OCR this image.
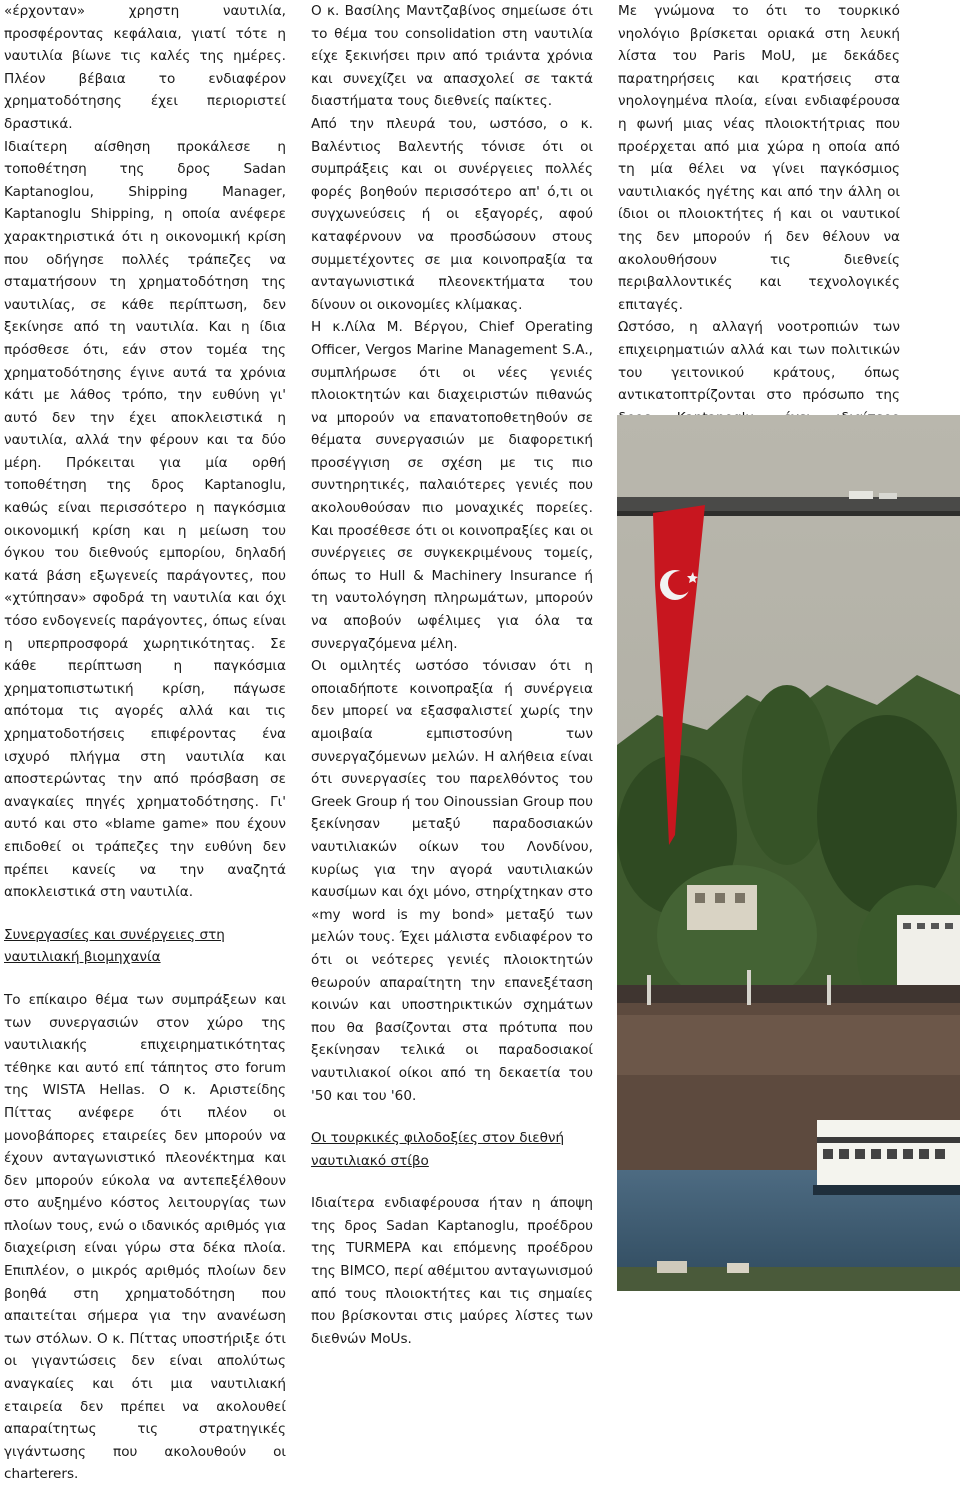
«έρχονταν» χρηστη ναυτιλία, προσφέροντας κεφάλαια, γιατί τότε η ναυτιλία βίωνε τις καλές της ημέρες. Πλέον βέβαια το ενδιαφέρον χρηματοδότησης έχει περιοριστεί δραστικά.

Ιδιαίτερη αίσθηση προκάλεσε η τοποθέτηση της δρος Sadan Kaptanoglou, Shipping Manager, Kaptanoglu Shipping, η οποία ανέφερε χαρακτηριστικά ότι η οικονομική κρίση που οδήγησε πολλές τράπεζες να σταματήσουν τη χρηματοδότηση της ναυτιλίας, σε κάθε περίπτωση, δεν ξεκίνησε από τη ναυτιλία. Και η ίδια πρόσθεσε ότι, εάν στον τομέα της χρηματοδότησης έγινε αυτά τα χρόνια κάτι με λάθος τρόπο, την ευθύνη γι' αυτό δεν την έχει αποκλειστικά η ναυτιλία, αλλά την φέρουν και τα δύο μέρη. Πρόκειται για μία ορθή τοποθέτηση της δρος Kaptanoglu, καθώς είναι περισσότερο η παγκόσμια οικονομική κρίση και η μείωση του όγκου του διεθνούς εμπορίου, δηλαδή κατά βάση εξωγενείς παράγοντες, που «χτύπησαν» σφοδρά τη ναυτιλία και όχι τόσο ενδογενείς παράγοντες, όπως είναι η υπερπροσφορά χωρητικότητας. Σε κάθε περίπτωση η παγκόσμια χρηματοπιστωτική κρίση, πάγωσε απότομα τις αγορές αλλά και τις χρηματοδοτήσεις επιφέροντας ένα ισχυρό πλήγμα στη ναυτιλία και αποστερώντας την από πρόσβαση σε αναγκαίες πηγές χρηματοδότησης. Γι' αυτό και στο «blame game» που έχουν επιδοθεί οι τράπεζες την ευθύνη δεν πρέπει κανείς να την αναζητά αποκλειστικά στη ναυτιλία.

Συνεργασίες και συνέργειες στη ναυτιλιακή βιομηχανία

Το επίκαιρο θέμα των συμπράξεων και των συνεργασιών στον χώρο της ναυτιλιακής επιχειρηματικότητας τέθηκε και αυτό επί τάπητος στο forum της WISTA Hellas. Ο κ. Αριστείδης Πίττας ανέφερε ότι πλέον οι μονοβάπορες εταιρείες δεν μπορούν να έχουν ανταγωνιστικό πλεονέκτημα και δεν μπορούν εύκολα να αντεπεξέλθουν στο αυξημένο κόστος λειτουργίας των πλοίων τους, ενώ ο ιδανικός αριθμός για διαχείριση είναι γύρω στα δέκα πλοία. Επιπλέον, ο μικρός αριθμός πλοίων δεν βοηθά στη χρηματοδότηση που απαιτείται σήμερα για την ανανέωση των στόλων. Ο κ. Πίττας υποστήριξε ότι οι γιγαντώσεις δεν είναι απολύτως αναγκαίες και ότι μια ναυτιλιακή εταιρεία δεν πρέπει να ακολουθεί απαραίτητως τις στρατηγικές γιγάντωσης που ακολουθούν οι charterers.

Ο κ. Βασίλης Μαντζαβίνος σημείωσε ότι το θέμα του consolidation στη ναυτιλία είχε ξεκινήσει πριν από τριάντα χρόνια και συνεχίζει να απασχολεί σε τακτά διαστήματα τους διεθνείς παίκτες.

Από την πλευρά του, ωστόσο, ο κ. Βαλέντιος Βαλεντής τόνισε ότι οι συμπράξεις και οι συνέργειες πολλές φορές βοηθούν περισσότερο απ' ό,τι οι συγχωνεύσεις ή οι εξαγορές, αφού καταφέρνουν να προσδώσουν στους συμμετέχοντες σε μια κοινοπραξία τα ανταγωνιστικά πλεονεκτήματα του δίνουν οι οικονομίες κλίμακας.

Η κ.Λίλα Μ. Βέργου, Chief Operating Officer, Vergos Marine Management S.A., συμπλήρωσε ότι οι νέες γενιές πλοιοκτητών και διαχειριστών πιθανώς να μπορούν να επανατοποθετηθούν σε θέματα συνεργασιών με διαφορετική προσέγγιση σε σχέση με τις πιο συντηρητικές, παλαιότερες γενιές που ακολουθούσαν πιο μοναχικές πορείες. Και προσέθεσε ότι οι κοινοπραξίες και οι συνέργειες σε συγκεκριμένους τομείς, όπως το Hull & Machinery Insurance ή τη ναυτολόγηση πληρωμάτων, μπορούν να αποβούν ωφέλιμες για όλα τα συνεργαζόμενα μέλη.

Οι ομιλητές ωστόσο τόνισαν ότι η οποιαδήποτε κοινοπραξία ή συνέργεια δεν μπορεί να εξασφαλιστεί χωρίς την αμοιβαία εμπιστοσύνη των συνεργαζόμενων μελών. Η αλήθεια είναι ότι συνεργασίες του παρελθόντος του Greek Group ή του Oinoussian Group που ξεκίνησαν μεταξύ παραδοσιακών ναυτιλιακών οίκων του Λονδίνου, κυρίως για την αγορά ναυτιλιακών καυσίμων και όχι μόνο, στηρίχτηκαν στο «my word is my bond» μεταξύ των μελών τους. Έχει μάλιστα ενδιαφέρον το ότι οι νεότερες γενιές πλοιοκτητών θεωρούν απαραίτητη την επανεξέταση κοινών και υποστηρικτικών σχημάτων που θα βασίζονται στα πρότυπα που ξεκίνησαν τελικά οι παραδοσιακοί ναυτιλιακοί οίκοι από τη δεκαετία του '50 και του '60.

Οι τουρκικές φιλοδοξίες στον διεθνή ναυτιλιακό στίβο

Ιδιαίτερα ενδιαφέρουσα ήταν η άποψη της δρος Sadan Kaptanoglu, προέδρου της TURMEPA και επόμενης προέδρου της BIMCO, περί αθέμιτου ανταγωνισμού από τους πλοιοκτήτες και τις σημαίες που βρίσκονται στις μαύρες λίστες των διεθνών MoUs.

Με γνώμονα το ότι το τουρκικό νηολόγιο βρίσκεται οριακά στη λευκή λίστα του Paris MoU, με δεκάδες παρατηρήσεις και κρατήσεις στα νηολογημένα πλοία, είναι ενδιαφέρουσα η φωνή μιας νέας πλοιοκτήτριας που προέρχεται από μια χώρα η οποία από τη μία θέλει να γίνει παγκόσμιος ναυτιλιακός ηγέτης και από την άλλη οι ίδιοι οι πλοιοκτήτες ή και οι ναυτικοί της δεν μπορούν ή δεν θέλουν να ακολουθήσουν τις διεθνείς περιβαλλοντικές και τεχνολογικές επιταγές.

Ωστόσο, η αλλαγή νοοτροπιών των επιχειρηματιών αλλά και των πολιτικών του γειτονικού κράτους, όπως αντικατοπτρίζονται στο πρόσωπο της
